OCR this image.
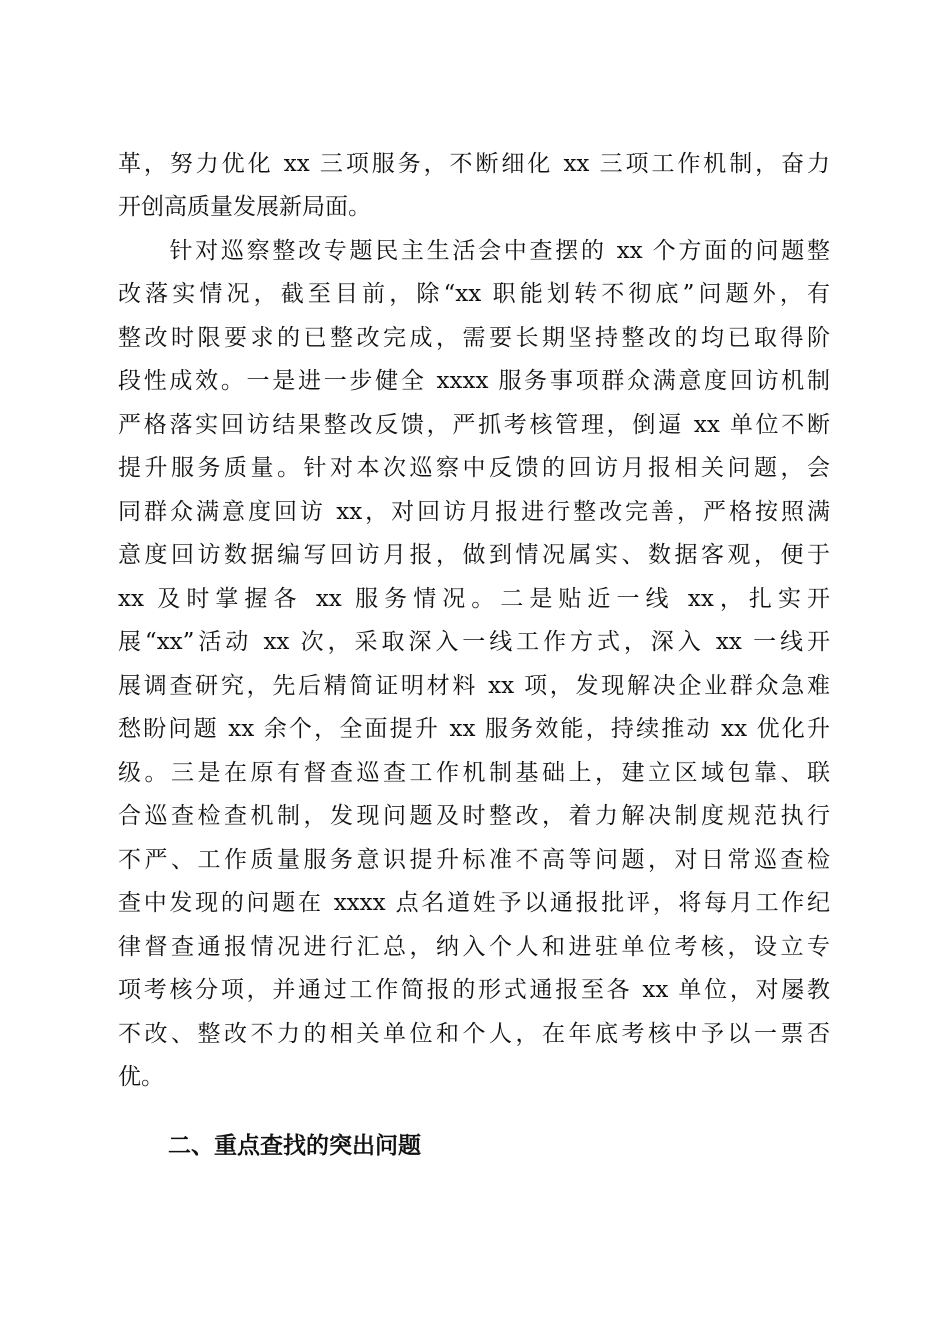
革，努力优化 xx 三项服务，不断细化 xx 三项工作机制，奋力
开创高质量发展新局面。
　　针对巡察整改专题民主生活会中查摆的 xx 个方面的问题整
改落实情况，截至目前，除“xx 职能划转不彻底”问题外，有
整改时限要求的已整改完成，需要长期坚持整改的均已取得阶
段性成效。一是进一步健全 xxxx 服务事项群众满意度回访机制
严格落实回访结果整改反馈，严抓考核管理，倒逼 xx 单位不断
提升服务质量。针对本次巡察中反馈的回访月报相关问题，会
同群众满意度回访 xx，对回访月报进行整改完善，严格按照满
意度回访数据编写回访月报，做到情况属实、数据客观，便于
xx 及时掌握各 xx 服务情况。二是贴近一线 xx，扎实开
展“xx”活动 xx 次，采取深入一线工作方式，深入 xx 一线开
展调查研究，先后精简证明材料 xx 项，发现解决企业群众急难
愁盼问题 xx 余个，全面提升 xx 服务效能，持续推动 xx 优化升
级。三是在原有督查巡查工作机制基础上，建立区域包靠、联
合巡查检查机制，发现问题及时整改，着力解决制度规范执行
不严、工作质量服务意识提升标准不高等问题，对日常巡查检
查中发现的问题在 xxxx 点名道姓予以通报批评，将每月工作纪
律督查通报情况进行汇总，纳入个人和进驻单位考核，设立专
项考核分项，并通过工作简报的形式通报至各 xx 单位，对屡教
不改、整改不力的相关单位和个人，在年底考核中予以一票否
优。
二、重点查找的突出问题
